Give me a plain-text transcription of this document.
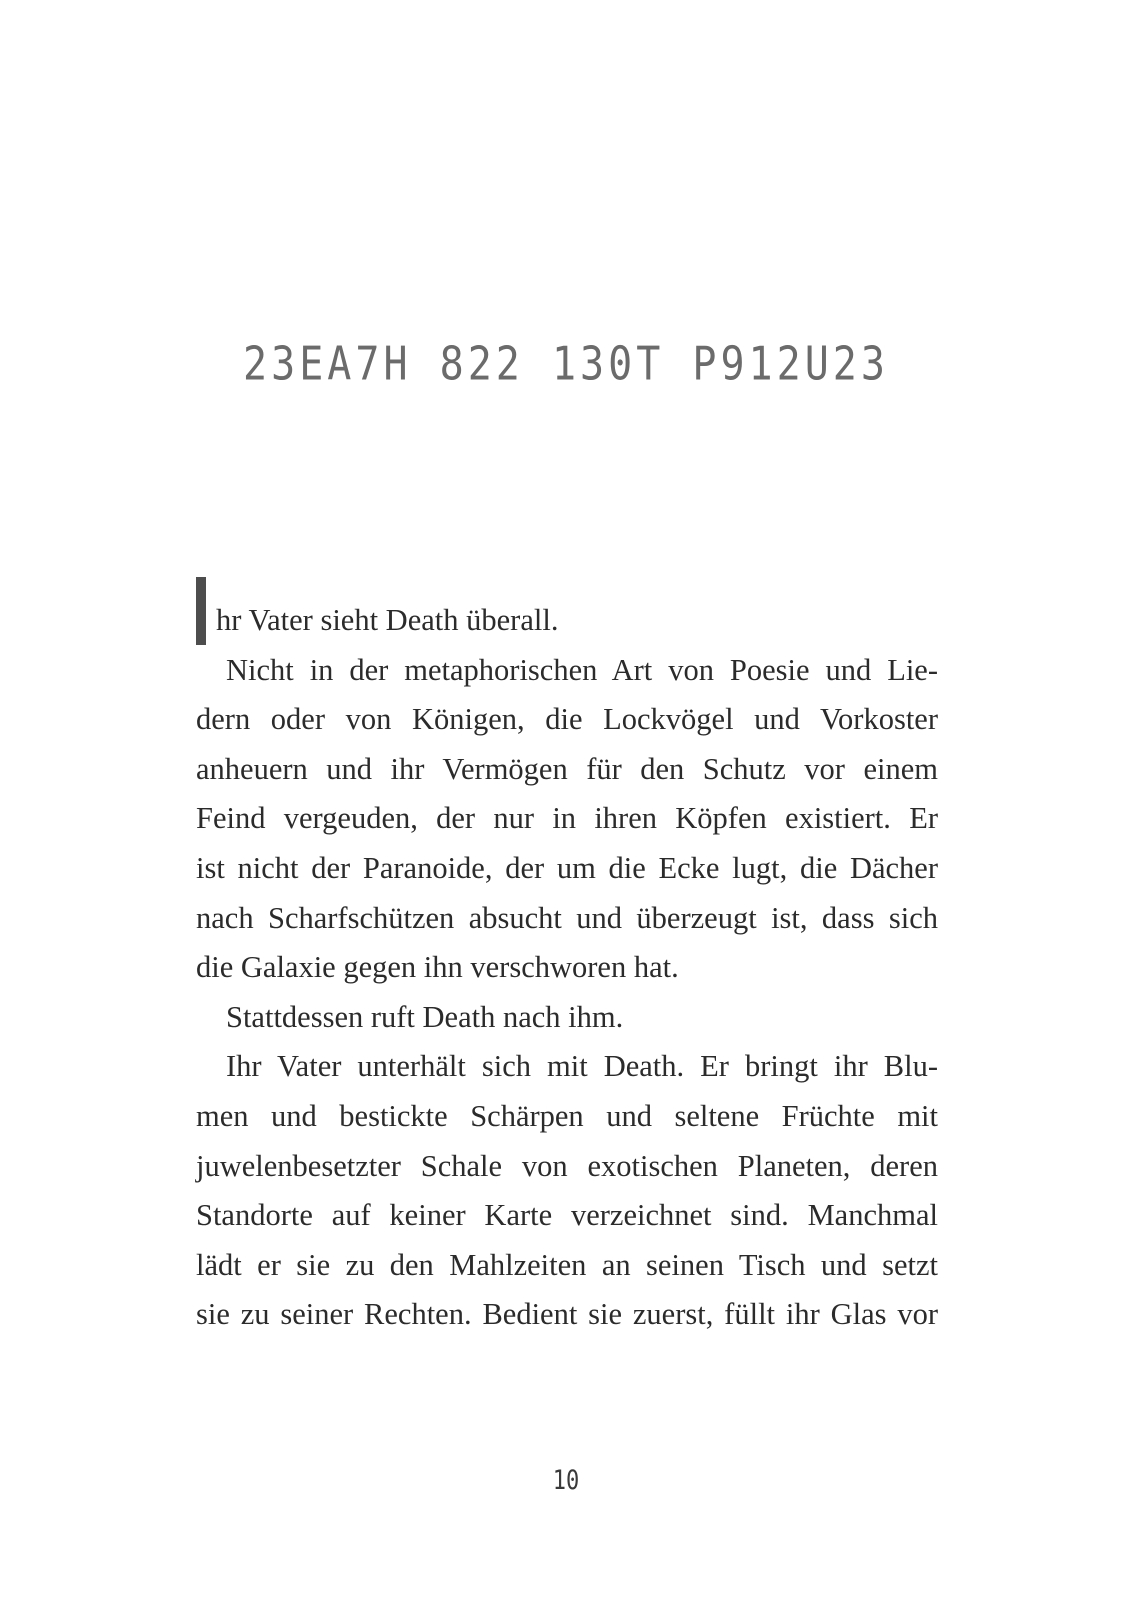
23EA7H 822 130T P912U23
hr Vater sieht Death überall.
Nicht in der metaphorischen Art von Poesie und Lie-
dern oder von Königen, die Lockvögel und Vorkoster
anheuern und ihr Vermögen für den Schutz vor einem
Feind vergeuden, der nur in ihren Köpfen existiert. Er
ist nicht der Paranoide, der um die Ecke lugt, die Dächer
nach Scharfschützen absucht und überzeugt ist, dass sich
die Galaxie gegen ihn verschworen hat.
Stattdessen ruft Death nach ihm.
Ihr Vater unterhält sich mit Death. Er bringt ihr Blu-
men und bestickte Schärpen und seltene Früchte mit
juwelenbesetzter Schale von exotischen Planeten, deren
Standorte auf keiner Karte verzeichnet sind. Manchmal
lädt er sie zu den Mahlzeiten an seinen Tisch und setzt
sie zu seiner Rechten. Bedient sie zuerst, füllt ihr Glas vor
10
